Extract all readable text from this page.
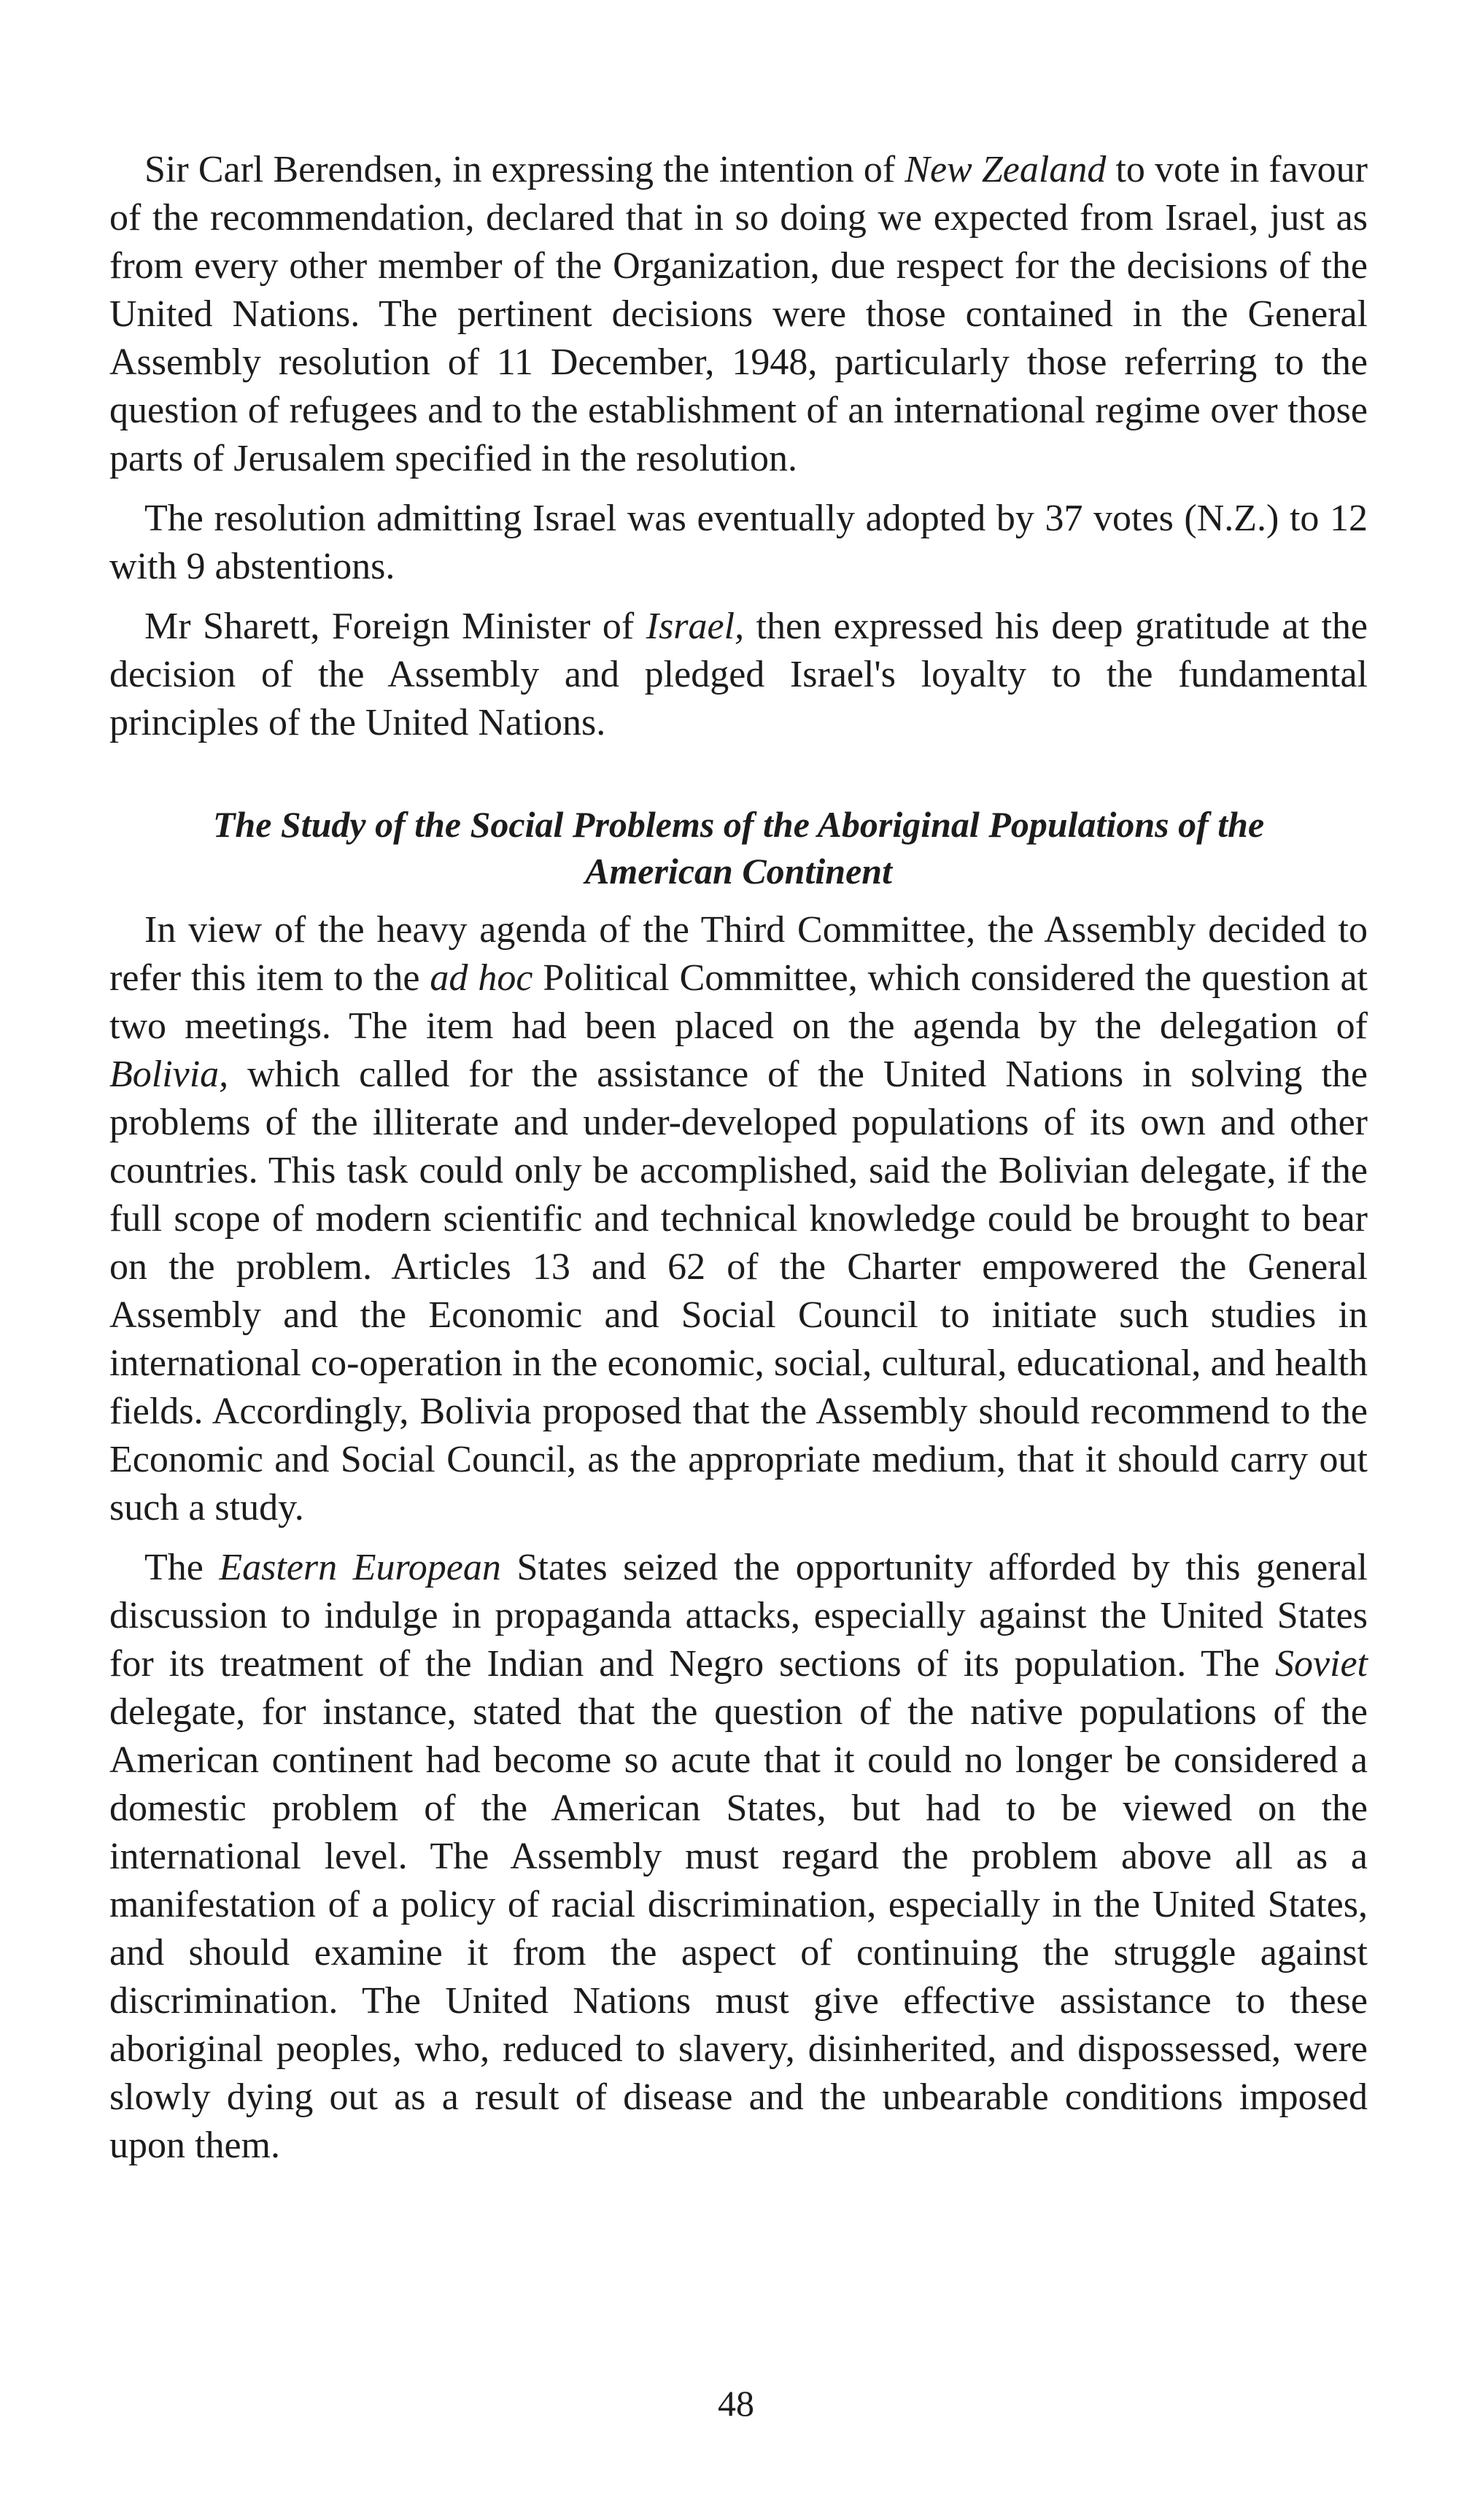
Sir Carl Berendsen, in expressing the intention of New Zealand to vote in favour of the recommendation, declared that in so doing we expected from Israel, just as from every other member of the Organization, due respect for the decisions of the United Nations. The pertinent decisions were those contained in the General Assembly resolution of 11 December, 1948, particularly those referring to the question of refugees and to the establishment of an international regime over those parts of Jerusalem specified in the resolution.

The resolution admitting Israel was eventually adopted by 37 votes (N.Z.) to 12 with 9 abstentions.

Mr Sharett, Foreign Minister of Israel, then expressed his deep gratitude at the decision of the Assembly and pledged Israel's loyalty to the fundamental principles of the United Nations.

The Study of the Social Problems of the Aboriginal Populations of the
American Continent

In view of the heavy agenda of the Third Committee, the Assembly decided to refer this item to the ad hoc Political Committee, which considered the question at two meetings. The item had been placed on the agenda by the delegation of Bolivia, which called for the assistance of the United Nations in solving the problems of the illiterate and under-developed populations of its own and other countries. This task could only be accomplished, said the Bolivian delegate, if the full scope of modern scientific and technical knowledge could be brought to bear on the problem. Articles 13 and 62 of the Charter empowered the General Assembly and the Economic and Social Council to initiate such studies in international co-operation in the economic, social, cultural, educational, and health fields. Accordingly, Bolivia proposed that the Assembly should recommend to the Economic and Social Council, as the appropriate medium, that it should carry out such a study.

The Eastern European States seized the opportunity afforded by this general discussion to indulge in propaganda attacks, especially against the United States for its treatment of the Indian and Negro sections of its population. The Soviet delegate, for instance, stated that the question of the native populations of the American continent had become so acute that it could no longer be considered a domestic problem of the American States, but had to be viewed on the international level. The Assembly must regard the problem above all as a manifestation of a policy of racial discrimination, especially in the United States, and should examine it from the aspect of continuing the struggle against discrimination. The United Nations must give effective assistance to these aboriginal peoples, who, reduced to slavery, disinherited, and dispossessed, were slowly dying out as a result of disease and the unbearable conditions imposed upon them.

48
